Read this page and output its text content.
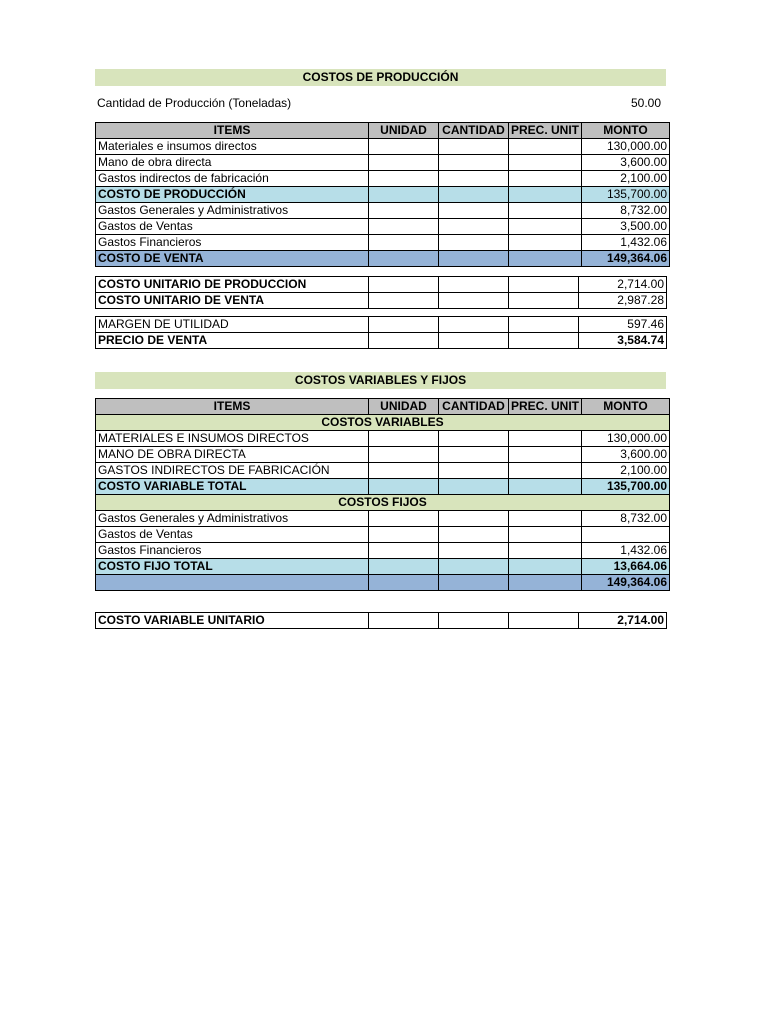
COSTOS DE PRODUCCIÓN
Cantidad de Producción (Toneladas)	50.00
ITEMS	UNIDAD	CANTIDAD	PREC. UNIT	MONTO
Materiales e insumos directos				130,000.00
Mano de obra directa				3,600.00
Gastos indirectos de fabricación				2,100.00
COSTO DE PRODUCCIÓN				135,700.00
Gastos Generales y Administrativos				8,732.00
Gastos de Ventas				3,500.00
Gastos Financieros				1,432.06
COSTO DE VENTA				149,364.06
COSTO UNITARIO DE PRODUCCION				2,714.00
COSTO UNITARIO DE VENTA				2,987.28
MARGEN DE UTILIDAD				597.46
PRECIO DE VENTA				3,584.74
COSTOS VARIABLES Y FIJOS
ITEMS	UNIDAD	CANTIDAD	PREC. UNIT	MONTO
COSTOS VARIABLES				
MATERIALES E INSUMOS DIRECTOS				130,000.00
MANO DE OBRA DIRECTA				3,600.00
GASTOS INDIRECTOS DE FABRICACIÓN				2,100.00
COSTO VARIABLE TOTAL				135,700.00
COSTOS FIJOS				
Gastos Generales y Administrativos				8,732.00
Gastos de Ventas				
Gastos Financieros				1,432.06
COSTO FIJO TOTAL				13,664.06
				149,364.06
COSTO VARIABLE UNITARIO				2,714.00
